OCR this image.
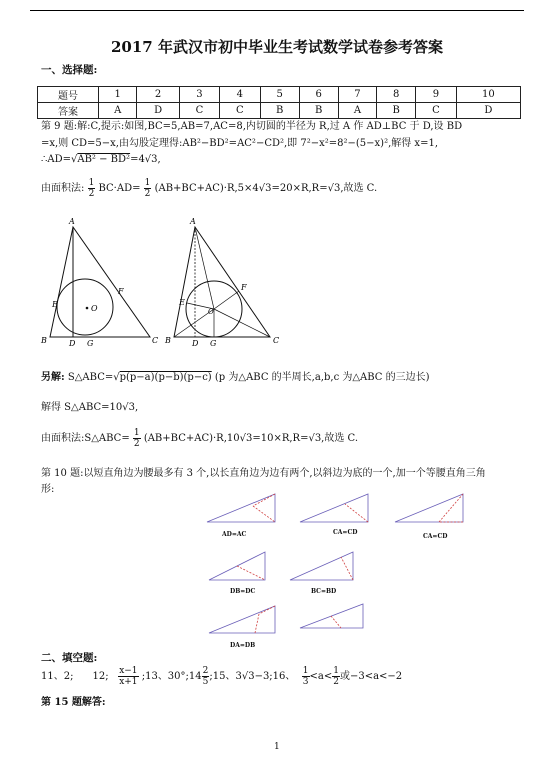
2017 年武汉市初中毕业生考试数学试卷参考答案
一、选择题:
题号	1	2	3	4	5	6	7	8	9	10
答案	A	D	C	C	B	B	A	B	C	D
第 9 题:解:C,提示:如图,BC=5,AB=7,AC=8,内切圆的半径为 R,过 A 作 AD⊥BC 于 D,设 BD
=x,则 CD=5−x,由勾股定理得:AB²−BD²=AC²−CD²,即 7²−x²=8²−(5−x)²,解得 x=1,
∴AD=√AB² − BD²=4√3,
由面积法: $\frac{1}{2} BC\cdot AD= \frac{1}{2} (AB+BC+AC)\cdot R,5\times 4√3=20\times R,R=√3$,故选 C.
A
B	C
D G
E
F
O
A
B	C
D G
E
F
O
另解: S△ABC=√p(p−a)(p−b)(p−c) (p 为△ABC 的半周长,a,b,c 为△ABC 的三边长)
解得 S△ABC=10√3,
由面积法:S△ABC= $\frac{1}{2} (AB+BC+AC)\cdot R,10√3=10\times R,R=√3$,故选 C.
第 10 题:以短直角边为腰最多有 3 个,以长直角边为边有两个,以斜边为底的一个,加一个等腰直角三角
形:
AD=AC	CA=CD
CA=CD
DB=DC	BC=BD
DA=DB
二、填空题:
11、2; 12; $\frac{x-1}{x+1}$ ;13、30°;14 $\frac{2}{5}$ ;15、3√3−3;16、 $\frac{1}{3} <a< \frac{1}{2}$ 或−3<a<−2
第 15 题解答:
1
